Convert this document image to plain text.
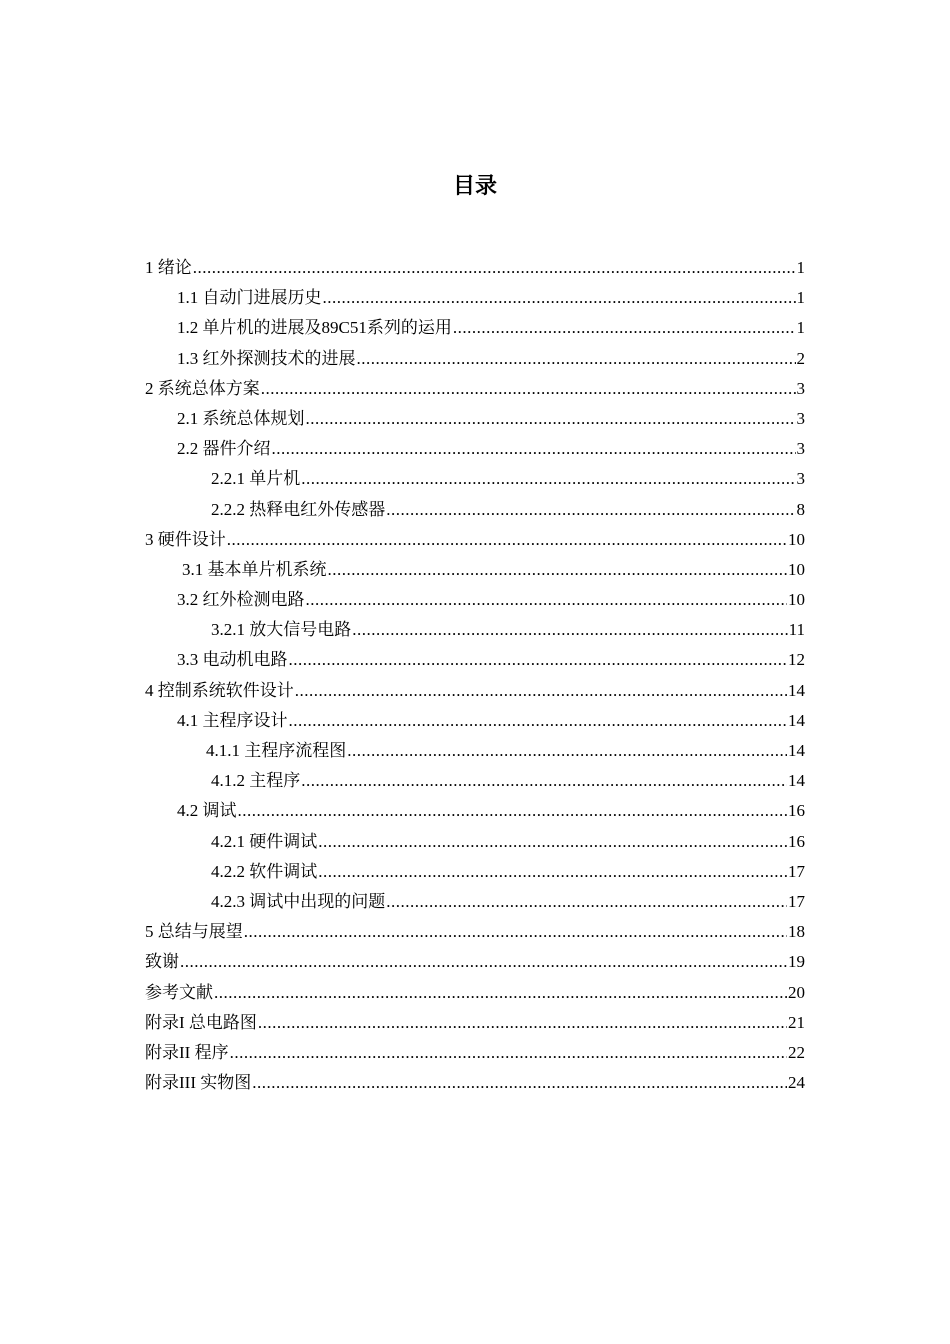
目录
1 绪论 .....	1
1.1 自动门进展历史 .....	1
1.2 单片机的进展及89C51系列的运用 .....	1
1.3 红外探测技术的进展 .....	2
2 系统总体方案 .....	3
2.1 系统总体规划 .....	3
2.2 器件介绍 .....	3
2.2.1 单片机 .....	3
2.2.2 热释电红外传感器 .....	8
3 硬件设计 .....	10
3.1 基本单片机系统 .....	10
3.2 红外检测电路 .....	10
3.2.1 放大信号电路 .....	11
3.3 电动机电路 .....	12
4 控制系统软件设计 .....	14
4.1 主程序设计 .....	14
4.1.1 主程序流程图 .....	14
4.1.2 主程序 .....	14
4.2 调试 .....	16
4.2.1 硬件调试 .....	16
4.2.2 软件调试 .....	17
4.2.3 调试中出现的问题 .....	17
5 总结与展望 .....	18
致谢 .....	19
参考文献 .....	20
附录I 总电路图 .....	21
附录II 程序 .....	22
附录III 实物图 .....	24
